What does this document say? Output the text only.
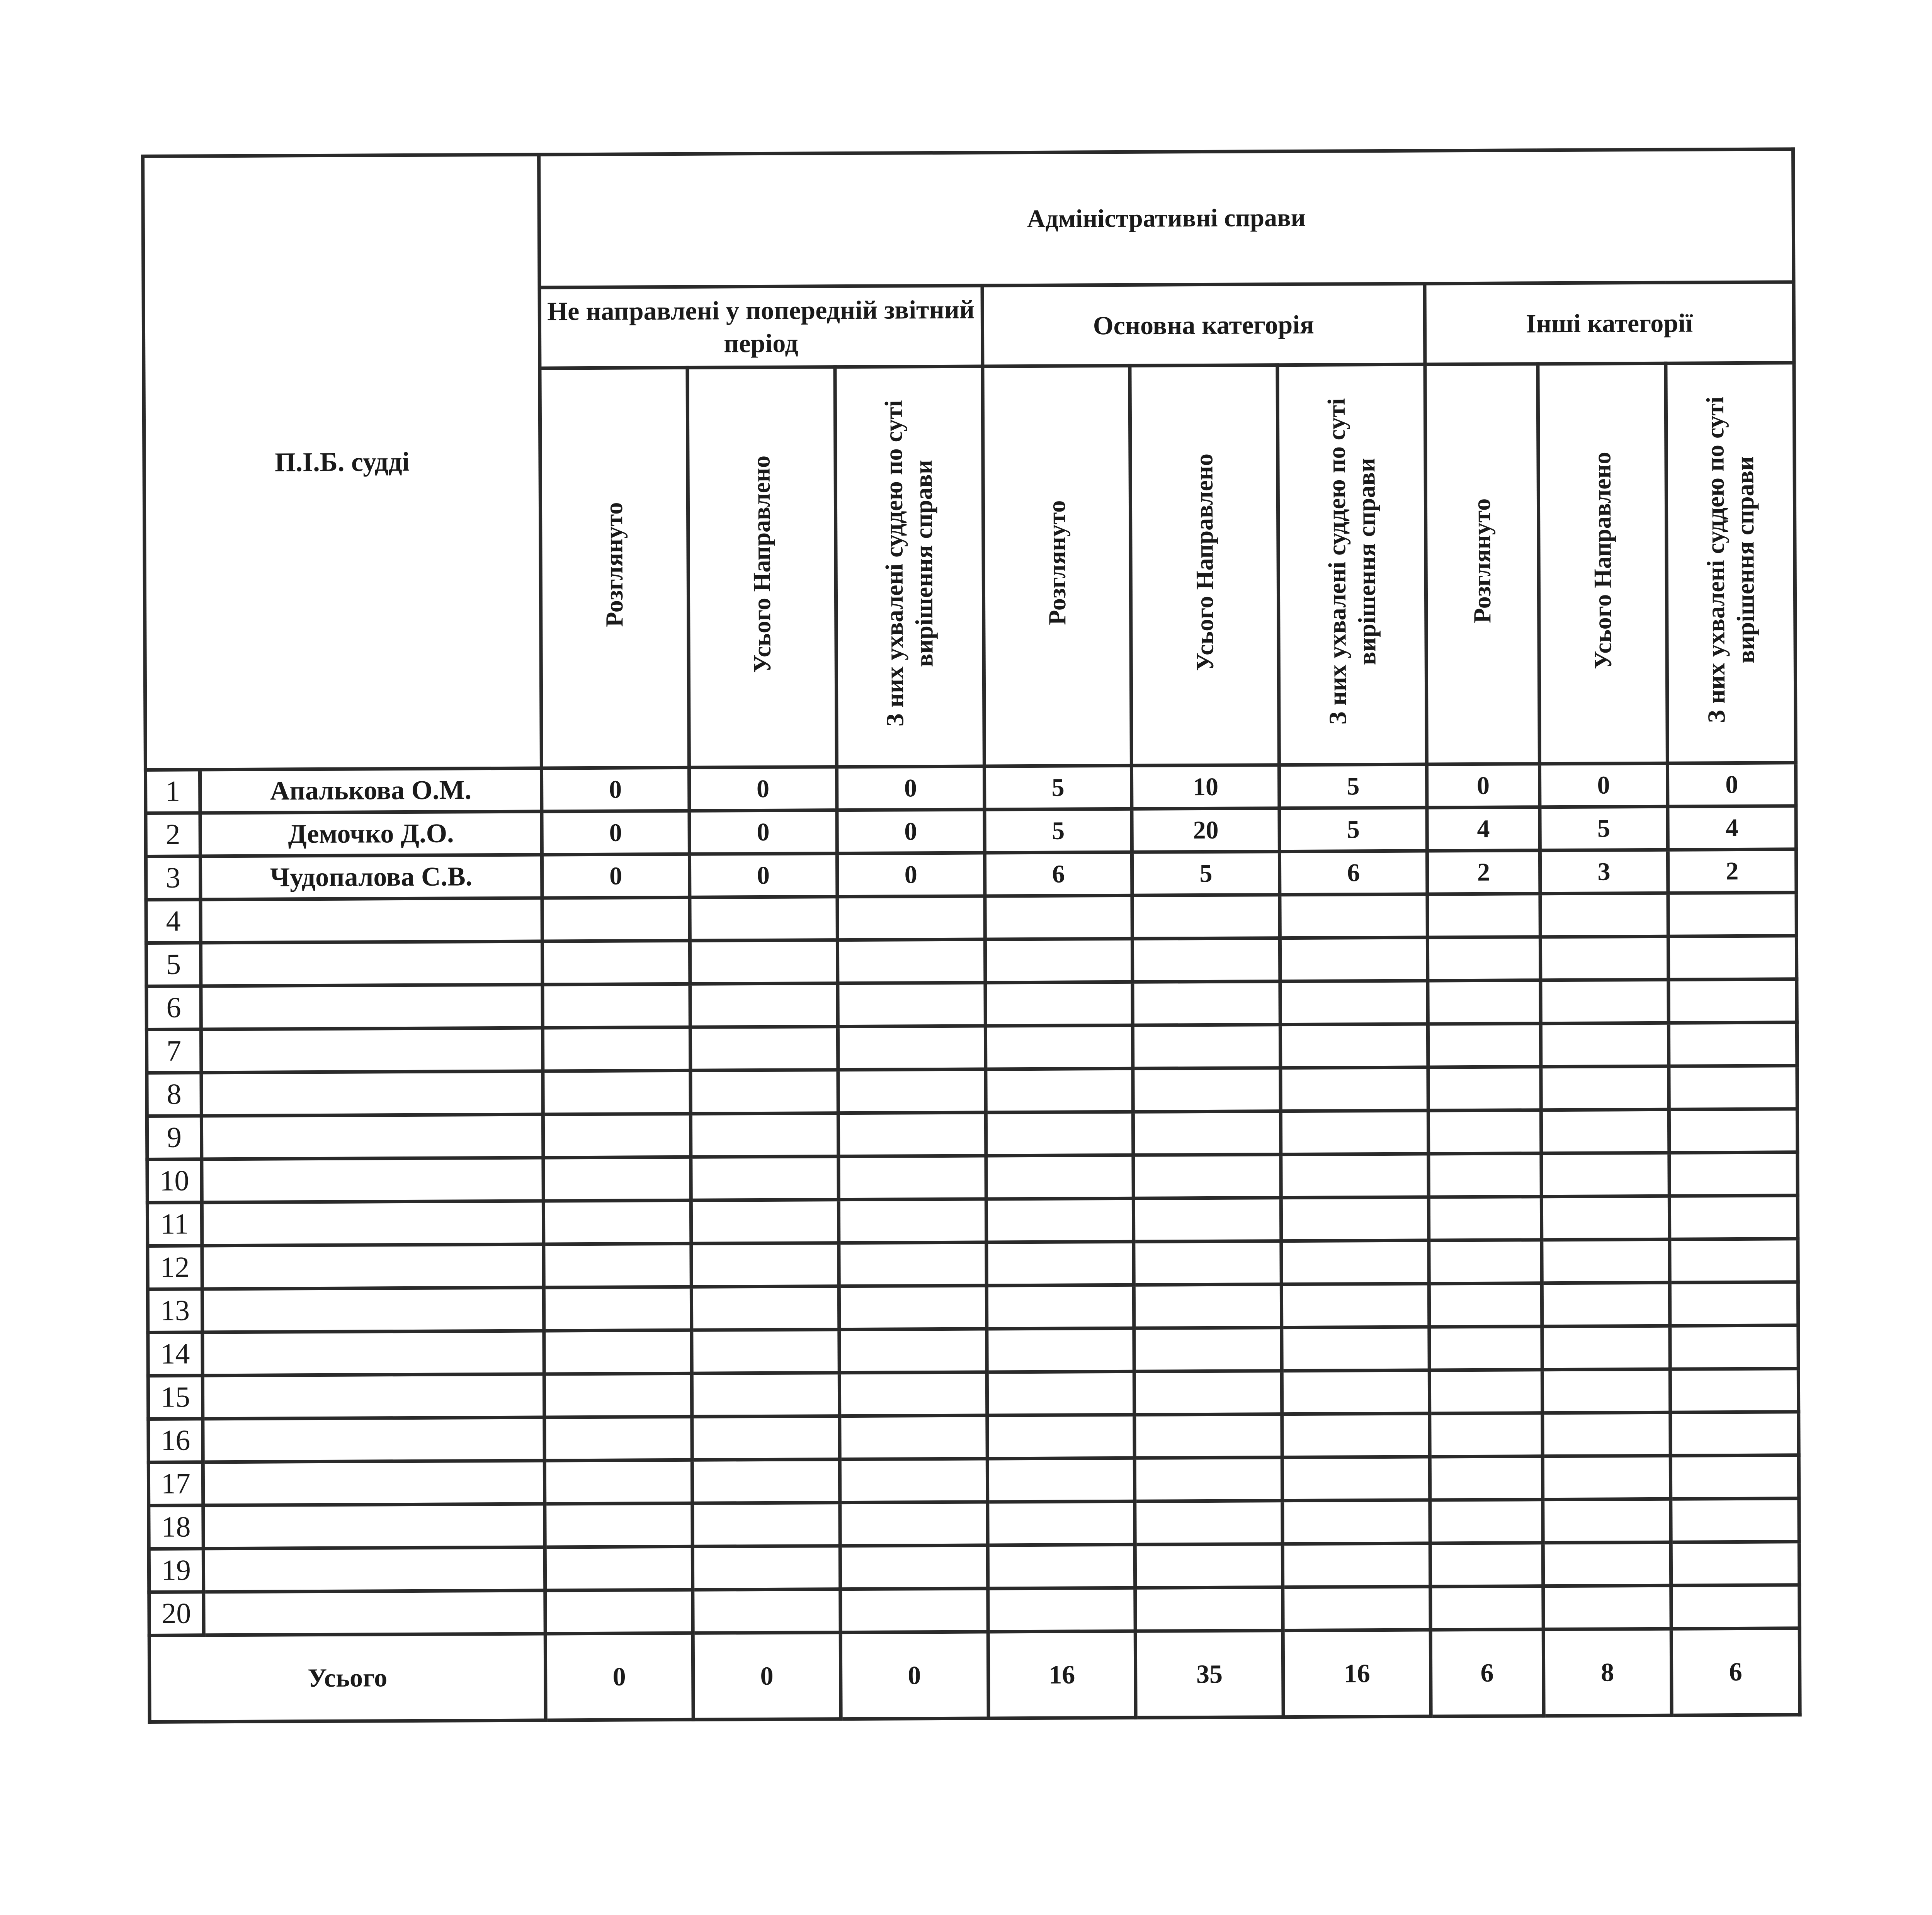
П.І.Б. судді		Адміністративні справи								
		Не направлені у попередній звітний період			Основна категорія			Інші категорії		
		Розглянуто	Усього Направлено	З них ухвалені суддею по суті вирішення справи	Розглянуто	Усього Направлено	З них ухвалені суддею по суті вирішення справи	Розглянуто	Усього Направлено	З них ухвалені суддею по суті вирішення справи
1	Апалькова О.М.	0	0	0	5	10	5	0	0	0
2	Демочко Д.О.	0	0	0	5	20	5	4	5	4
3	Чудопалова С.В.	0	0	0	6	5	6	2	3	2
4										
5										
6										
7										
8										
9										
10										
11										
12										
13										
14										
15										
16										
17										
18										
19										
20										
Усього		0	0	0	16	35	16	6	8	6
